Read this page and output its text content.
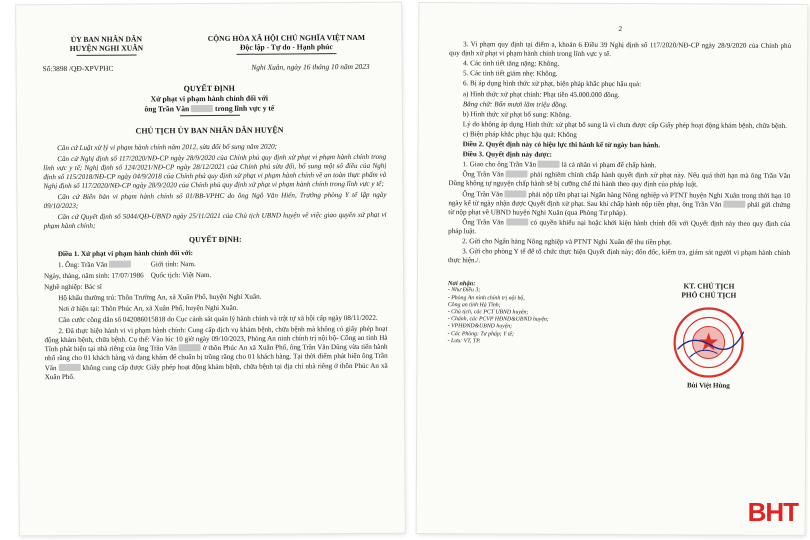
ỦY BAN NHÂN DÂN
HUYỆN NGHI XUÂN
CỘNG HÒA XÃ HỘI CHỦ NGHĨA VIỆT NAM
Độc lập - Tự do - Hạnh phúc
Số:3898 /QĐ-XPVPHC	Nghi Xuân, ngày 16 tháng 10 năm 2023
QUYẾT ĐỊNH
Xử phạt vi phạm hành chính đối với
ông Trần Văn	trong lĩnh vực y tế
CHỦ TỊCH ỦY BAN NHÂN DÂN HUYỆN

Căn cứ Luật xử lý vi phạm hành chính năm 2012, sửa đổi bổ sung năm 2020;

Căn cứ Nghị định số 117/2020/NĐ-CP ngày 28/9/2020 của Chính phủ quy định xử phạt vi phạm hành chính trong lĩnh vực y tế; Nghị định số 124/2021/NĐ-CP ngày 28/12/2021 của Chính phủ sửa đổi, bổ sung một số điều của Nghị định số 115/2018/NĐ-CP ngày 04/9/2018 của Chính phủ quy định xử phạt vi phạm hành chính về an toàn thực phẩm và Nghị định số 117/2020/NĐ-CP ngày 28/9/2020 của Chính phủ quy định xử phạt vi phạm hành chính trong lĩnh vực y tế;

Căn cứ Biên bản vi phạm hành chính số 01/BB-VPHC do ông Ngô Văn Hiến, Trưởng phòng Y tế lập ngày 09/10/2023;

Căn cứ Quyết định số 5044/QĐ-UBND ngày 25/11/2021 của Chủ tịch UBND huyện về việc giao quyền xử phạt vi phạm hành chính;

QUYẾT ĐỊNH:

Điều 1. Xử phạt vi phạm hành chính đối với:

1. Ông: Trần Văn	Giới tính: Nam.

Ngày, tháng, năm sinh: 17/07/1986 Quốc tịch: Việt Nam.

Nghề nghiệp: Bác sĩ

Hộ khẩu thường trú: Thôn Trường An, xã Xuân Phổ, huyện Nghi Xuân.

Nơi ở hiện tại: Thôn Phúc An, xã Xuân Phổ, huyện Nghi Xuân.

Căn cước công dân số 042086015818 do Cục cảnh sát quản lý hành chính và trật tự xã hội cấp ngày 08/11/2022.

2. Đã thực hiện hành vi vi phạm hành chính: Cung cấp dịch vụ khám bệnh, chữa bệnh mà không có giấy phép hoạt động khám bệnh, chữa bệnh. Cụ thể: Vào lúc 10 giờ ngày 09/10/2023, Phòng An ninh chính trị nội bộ- Công an tỉnh Hà Tĩnh phát hiện tại nhà riêng của ông Trần Văn	ở thôn Phúc An xã Xuân Phổ, ông Trần Văn Dũng vừa tiến hành nhổ răng cho 01 khách hàng và đang khám để chuẩn bị trồng răng cho 01 khách hàng. Tại thời điểm phát hiện ông Trần Văn	không cung cấp được Giấy phép hoạt động khám bệnh, chữa bệnh tại địa chỉ nhà riêng ở thôn Phúc An xã Xuân Phổ.

2

3. Vi phạm quy định tại điểm a, khoản 6 Điều 39 Nghị định số 117/2020/NĐ-CP ngày 28/9/2020 của Chính phủ quy định xử phạt vi phạm hành chính trong lĩnh vực y tế.

4. Các tình tiết tăng nặng: Không.

5. Các tình tiết giảm nhẹ: Không.

6. Bị áp dụng hình thức xử phạt, biện pháp khắc phục hậu quả:

a) Hình thức xử phạt chính: Phạt tiền 45.000.000 đồng.

Bằng chữ: Bốn mươi lăm triệu đồng.

b) Hình thức xử phạt bổ sung: Không.

Lý do không áp dụng Hình thức xử phạt bổ sung là vì chưa được cấp Giấy phép hoạt động khám bệnh, chữa bệnh.

c) Biện pháp khắc phục hậu quả: Không

Điều 2. Quyết định này có hiệu lực thi hành kể từ ngày ban hành.

Điều 3. Quyết định này được:

1. Giao cho ông Trần Văn	là cá nhân vi phạm để chấp hành.

Ông Trần Văn	phải nghiêm chỉnh chấp hành quyết định xử phạt này. Nếu quá thời hạn mà ông Trần Văn Dũng không tự nguyện chấp hành sẽ bị cưỡng chế thi hành theo quy định của pháp luật.

Ông Trần Văn	phải nộp tiền phạt tại Ngân hàng Nông nghiệp và PTNT huyện Nghi Xuân trong thời hạn 10 ngày kể từ ngày nhận được Quyết định xử phạt. Sau khi chấp hành nộp tiền phạt, ông Trần Văn	phải gửi chứng từ nộp phạt về UBND huyện Nghi Xuân (qua Phòng Tư pháp).

Ông Trần Văn	có quyền khiếu nại hoặc khởi kiện hành chính đối với Quyết định này theo quy định của pháp luật.

2. Gửi cho Ngân hàng Nông nghiệp và PTNT Nghi Xuân để thu tiền phạt.

3. Gửi cho phòng Y tế để tổ chức thực hiện Quyết định này; đôn đốc, kiểm tra, giám sát người vi phạm hành chính thực hiện./.

Nơi nhận:
- Như Điều 3;
- Phòng An ninh chính trị nội bộ,
Công an tỉnh Hà Tĩnh;
- Chủ tịch, các PCT UBND huyện;
- Chánh, các PCVP HĐND&UBND huyện;
- VPHĐND&UBND huyện;
- Các Phòng: Tư pháp; Y tế;
- Lưu: VT, TP.
KT. CHỦ TỊCH
PHÓ CHỦ TỊCH
Bùi Việt Hùng
BHT
